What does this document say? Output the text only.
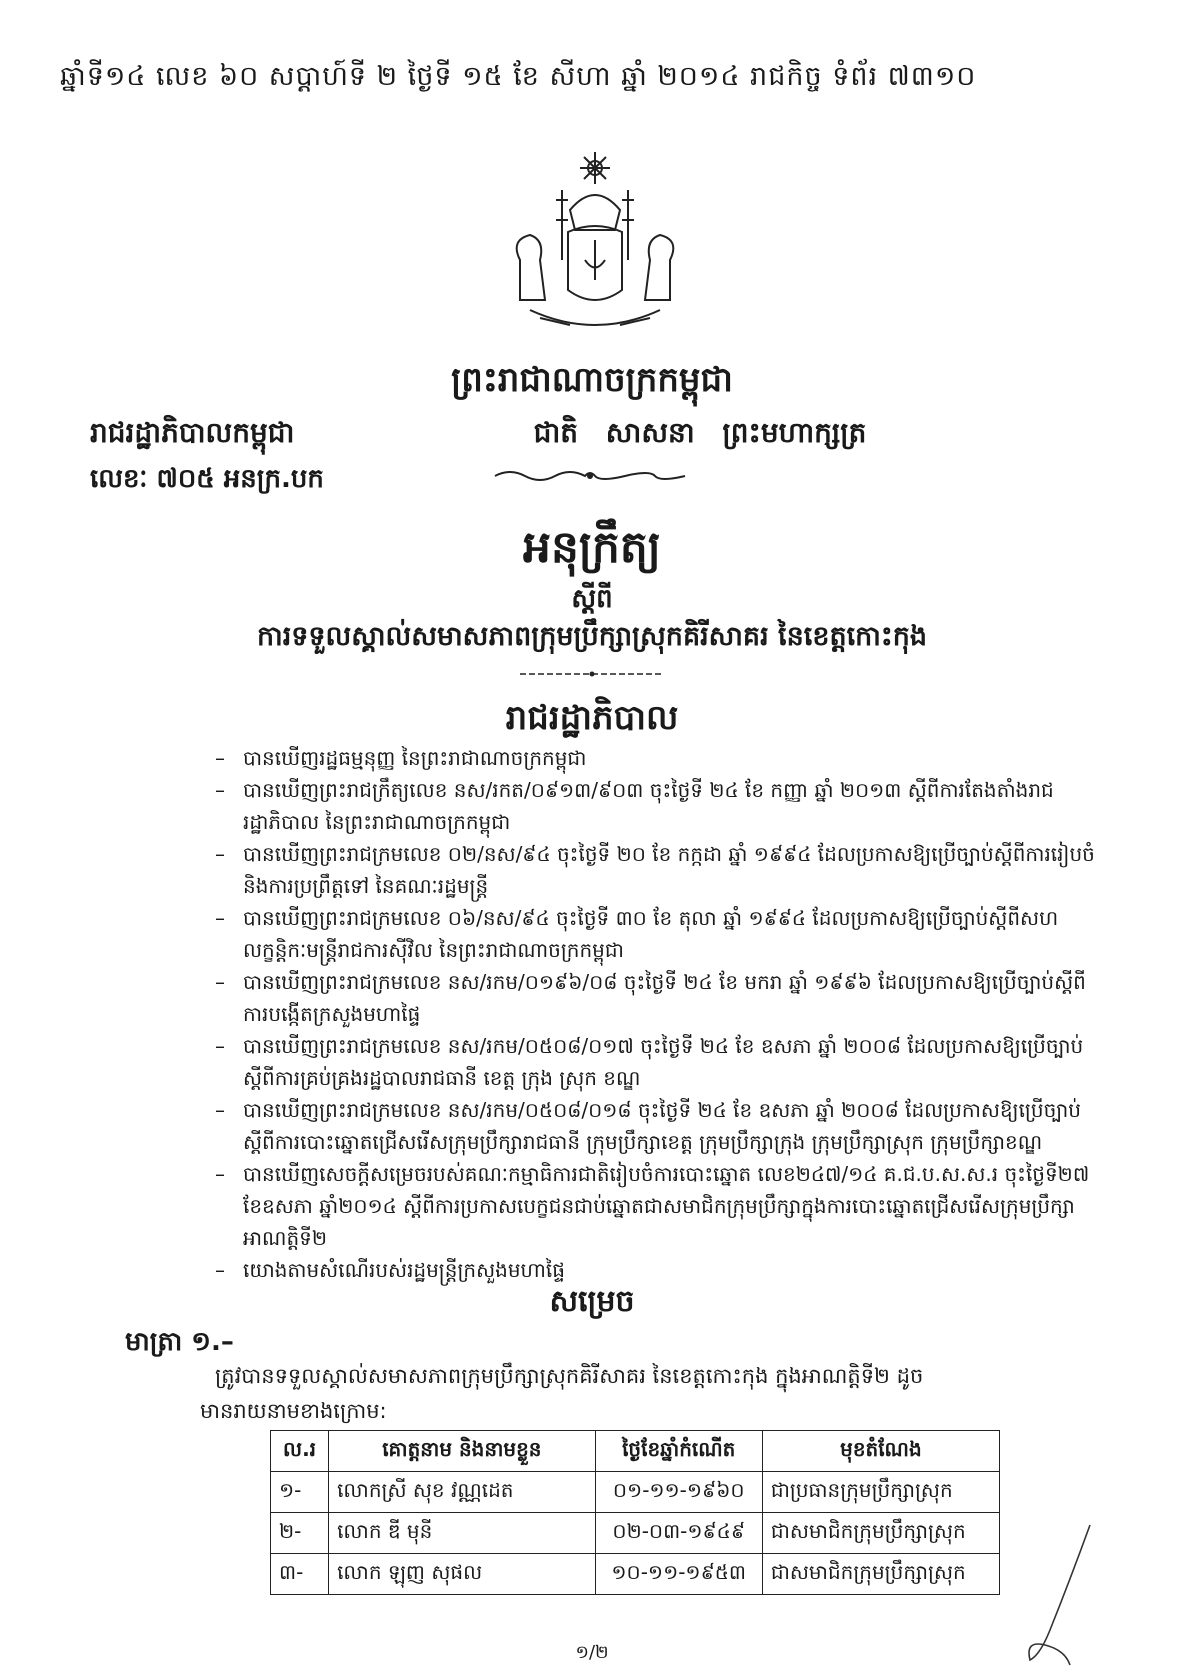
ឆ្នាំទី១៤ លេខ ៦០ សប្តាហ៍ទី ២ ថ្ងៃទី ១៥ ខែ សីហា ឆ្នាំ ២០១៤ រាជកិច្ច ទំព័រ ៧៣១០
ព្រះរាជាណាចក្រកម្ពុជា
រាជរដ្ឋាភិបាលកម្ពុជា	ជាតិ សាសនា ព្រះមហាក្សត្រ
លេខៈ ៧០៥ អនក្រ.បក
អនុក្រឹត្យ
ស្តីពី
ការទទួលស្គាល់សមាសភាពក្រុមប្រឹក្សាស្រុកគិរីសាគរ នៃខេត្តកោះកុង
រាជរដ្ឋាភិបាល
– បានឃើញរដ្ឋធម្មនុញ្ញ នៃព្រះរាជាណាចក្រកម្ពុជា
– បានឃើញព្រះរាជក្រឹត្យលេខ នស/រកត/០៩១៣/៩០៣ ចុះថ្ងៃទី ២៤ ខែ កញ្ញា ឆ្នាំ ២០១៣ ស្តីពីការតែងតាំងរាជរដ្ឋាភិបាល នៃព្រះរាជាណាចក្រកម្ពុជា
– បានឃើញព្រះរាជក្រមលេខ ០២/នស/៩៤ ចុះថ្ងៃទី ២០ ខែ កក្កដា ឆ្នាំ ១៩៩៤ ដែលប្រកាសឱ្យប្រើច្បាប់ស្តីពីការរៀបចំ និងការប្រព្រឹត្តទៅ នៃគណៈរដ្ឋមន្ត្រី
– បានឃើញព្រះរាជក្រមលេខ ០៦/នស/៩៤ ចុះថ្ងៃទី ៣០ ខែ តុលា ឆ្នាំ ១៩៩៤ ដែលប្រកាសឱ្យប្រើច្បាប់ស្តីពីសហលក្ខន្តិកៈមន្ត្រីរាជការស៊ីវិល នៃព្រះរាជាណាចក្រកម្ពុជា
– បានឃើញព្រះរាជក្រមលេខ នស/រកម/០១៩៦/០៨ ចុះថ្ងៃទី ២៤ ខែ មករា ឆ្នាំ ១៩៩៦ ដែលប្រកាសឱ្យប្រើច្បាប់ស្តីពីការបង្កើតក្រសួងមហាផ្ទៃ
– បានឃើញព្រះរាជក្រមលេខ នស/រកម/០៥០៨/០១៧ ចុះថ្ងៃទី ២៤ ខែ ឧសភា ឆ្នាំ ២០០៨ ដែលប្រកាសឱ្យប្រើច្បាប់ស្តីពីការគ្រប់គ្រងរដ្ឋបាលរាជធានី ខេត្ត ក្រុង ស្រុក ខណ្ឌ
– បានឃើញព្រះរាជក្រមលេខ នស/រកម/០៥០៨/០១៨ ចុះថ្ងៃទី ២៤ ខែ ឧសភា ឆ្នាំ ២០០៨ ដែលប្រកាសឱ្យប្រើច្បាប់ស្តីពីការបោះឆ្នោតជ្រើសរើសក្រុមប្រឹក្សារាជធានី ក្រុមប្រឹក្សាខេត្ត ក្រុមប្រឹក្សាក្រុង ក្រុមប្រឹក្សាស្រុក ក្រុមប្រឹក្សាខណ្ឌ
– បានឃើញសេចក្តីសម្រេចរបស់គណៈកម្មាធិការជាតិរៀបចំការបោះឆ្នោត លេខ២៤៧/១៤ គ.ជ.ប.ស.ស.រ ចុះថ្ងៃទី២៧ ខែឧសភា ឆ្នាំ២០១៤ ស្តីពីការប្រកាសបេក្ខជនជាប់ឆ្នោតជាសមាជិកក្រុមប្រឹក្សាក្នុងការបោះឆ្នោតជ្រើសរើសក្រុមប្រឹក្សា អាណត្តិទី២
– យោងតាមសំណើរបស់រដ្ឋមន្ត្រីក្រសួងមហាផ្ទៃ
សម្រេច
មាត្រា ១.–
ត្រូវបានទទួលស្គាល់សមាសភាពក្រុមប្រឹក្សាស្រុកគិរីសាគរ នៃខេត្តកោះកុង ក្នុងអាណត្តិទី២ ដូច
មានរាយនាមខាងក្រោម:
ល.រ	គោត្តនាម និងនាមខ្លួន	ថ្ងៃខែឆ្នាំកំណើត	មុខតំណែង
១-	លោកស្រី សុខ វណ្ណដេត	០១-១១-១៩៦០	ជាប្រធានក្រុមប្រឹក្សាស្រុក
២-	លោក ឌី មុនី	០២-០៣-១៩៤៩	ជាសមាជិកក្រុមប្រឹក្សាស្រុក
៣-	លោក ឡុញ សុផល	១០-១១-១៩៥៣	ជាសមាជិកក្រុមប្រឹក្សាស្រុក
១/២
